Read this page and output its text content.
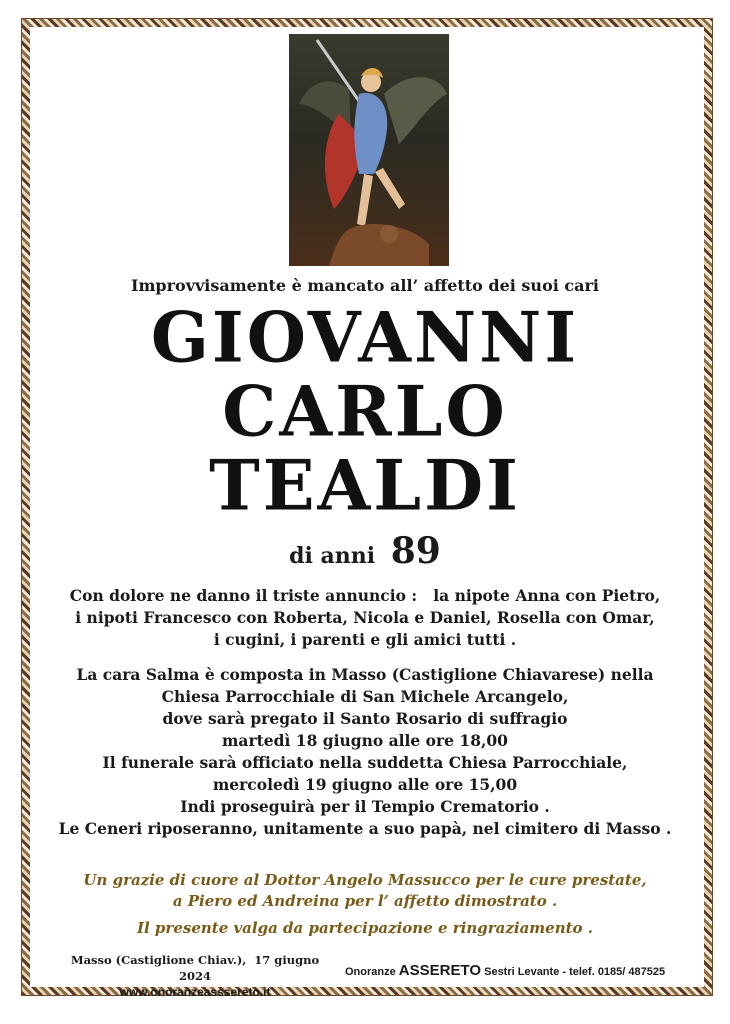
Improvvisamente è mancato all’ affetto dei suoi cari
GIOVANNI
CARLO
TEALDI
di anni 89
Con dolore ne danno il triste annuncio :   la nipote Anna con Pietro,
i nipoti Francesco con Roberta, Nicola e Daniel, Rosella con Omar,
i cugini, i parenti e gli amici tutti .
La cara Salma è composta in Masso (Castiglione Chiavarese) nella
Chiesa Parrocchiale di San Michele Arcangelo,
dove sarà pregato il Santo Rosario di suffragio
martedì 18 giugno alle ore 18,00
Il funerale sarà officiato nella suddetta Chiesa Parrocchiale,
mercoledì 19 giugno alle ore 15,00
Indi proseguirà per il Tempio Crematorio .
Le Ceneri riposeranno, unitamente a suo papà, nel cimitero di Masso .
Un grazie di cuore al Dottor Angelo Massucco per le cure prestate,
a Piero ed Andreina per l’ affetto dimostrato .
Il presente valga da partecipazione e ringraziamento .
Masso (Castiglione Chiav.),  17 giugno 2024
www.onoranzeasssereto.it
Onoranze ASSERETO Sestri Levante - telef. 0185/ 487525
